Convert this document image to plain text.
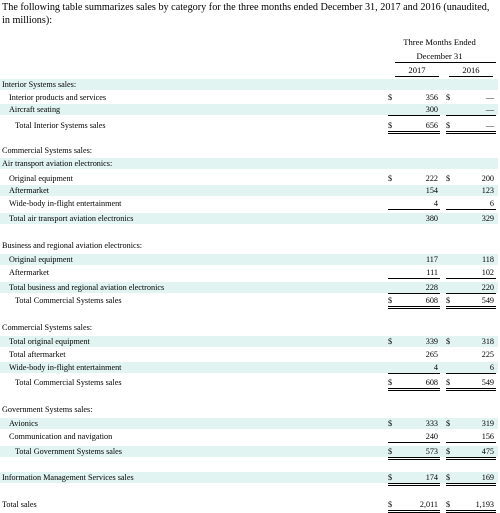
The following table summarizes sales by category for the three months ended December 31, 2017 and 2016 (unaudited, in millions):
Three Months Ended
December 31
2017	2016
Interior Systems sales:
Interior products and services	$	356 $	—
Aircraft seating	300	—
Total Interior Systems sales	$	656 $	—
Commercial Systems sales:
Air transport aviation electronics:
Original equipment	$	222 $	200
Aftermarket	154	123
Wide-body in-flight entertainment	4	6
Total air transport aviation electronics	380	329
Business and regional aviation electronics:
Original equipment	117	118
Aftermarket	111	102
Total business and regional aviation electronics	228	220
Total Commercial Systems sales	$	608 $	549
Commercial Systems sales:
Total original equipment	$	339 $	318
Total aftermarket	265	225
Wide-body in-flight entertainment	4	6
Total Commercial Systems sales	$	608 $	549
Government Systems sales:
Avionics	$	333 $	319
Communication and navigation	240	156
Total Government Systems sales	$	573 $	475
Information Management Services sales	$	174 $	169
Total sales	$	2,011 $	1,193
